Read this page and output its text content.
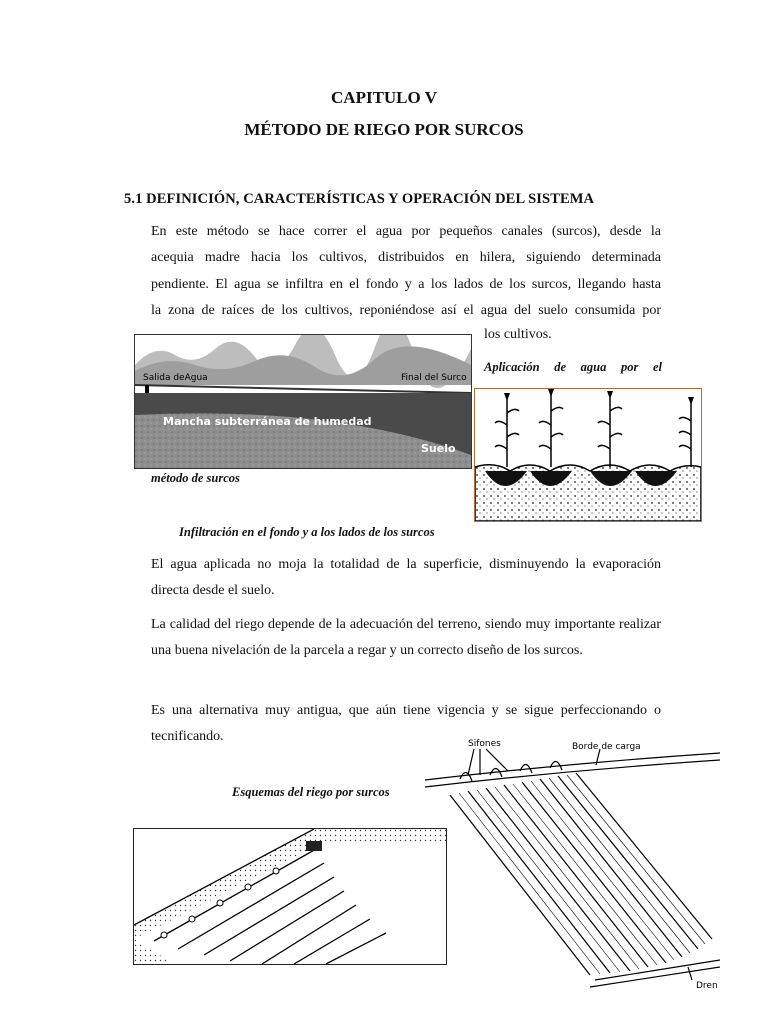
CAPITULO V
MÉTODO DE RIEGO POR SURCOS
5.1 DEFINICIÓN, CARACTERÍSTICAS Y OPERACIÓN DEL SISTEMA
En este método se hace correr el agua por pequeños canales (surcos), desde la
acequia madre hacia los cultivos, distribuidos en hilera, siguiendo determinada
pendiente. El agua se infiltra en el fondo y a los lados de los surcos, llegando hasta
la zona de raíces de los cultivos, reponiéndose así el agua del suelo consumida por
los cultivos.
Salida deAgua	Final del Surco
Mancha subterránea de humedad
Suelo
Aplicación de agua por el
método de surcos
Infiltración en el fondo y a los lados de los surcos
El agua aplicada no moja la totalidad de la superficie, disminuyendo la evaporación directa desde el suelo.
La calidad del riego depende de la adecuación del terreno, siendo muy importante realizar una buena nivelación de la parcela a regar y un correcto diseño de los surcos.
Es una alternativa muy antigua, que aún tiene vigencia y se sigue perfeccionando o tecnificando.
Esquemas del riego por surcos
Sifones	Borde de carga
Dren
